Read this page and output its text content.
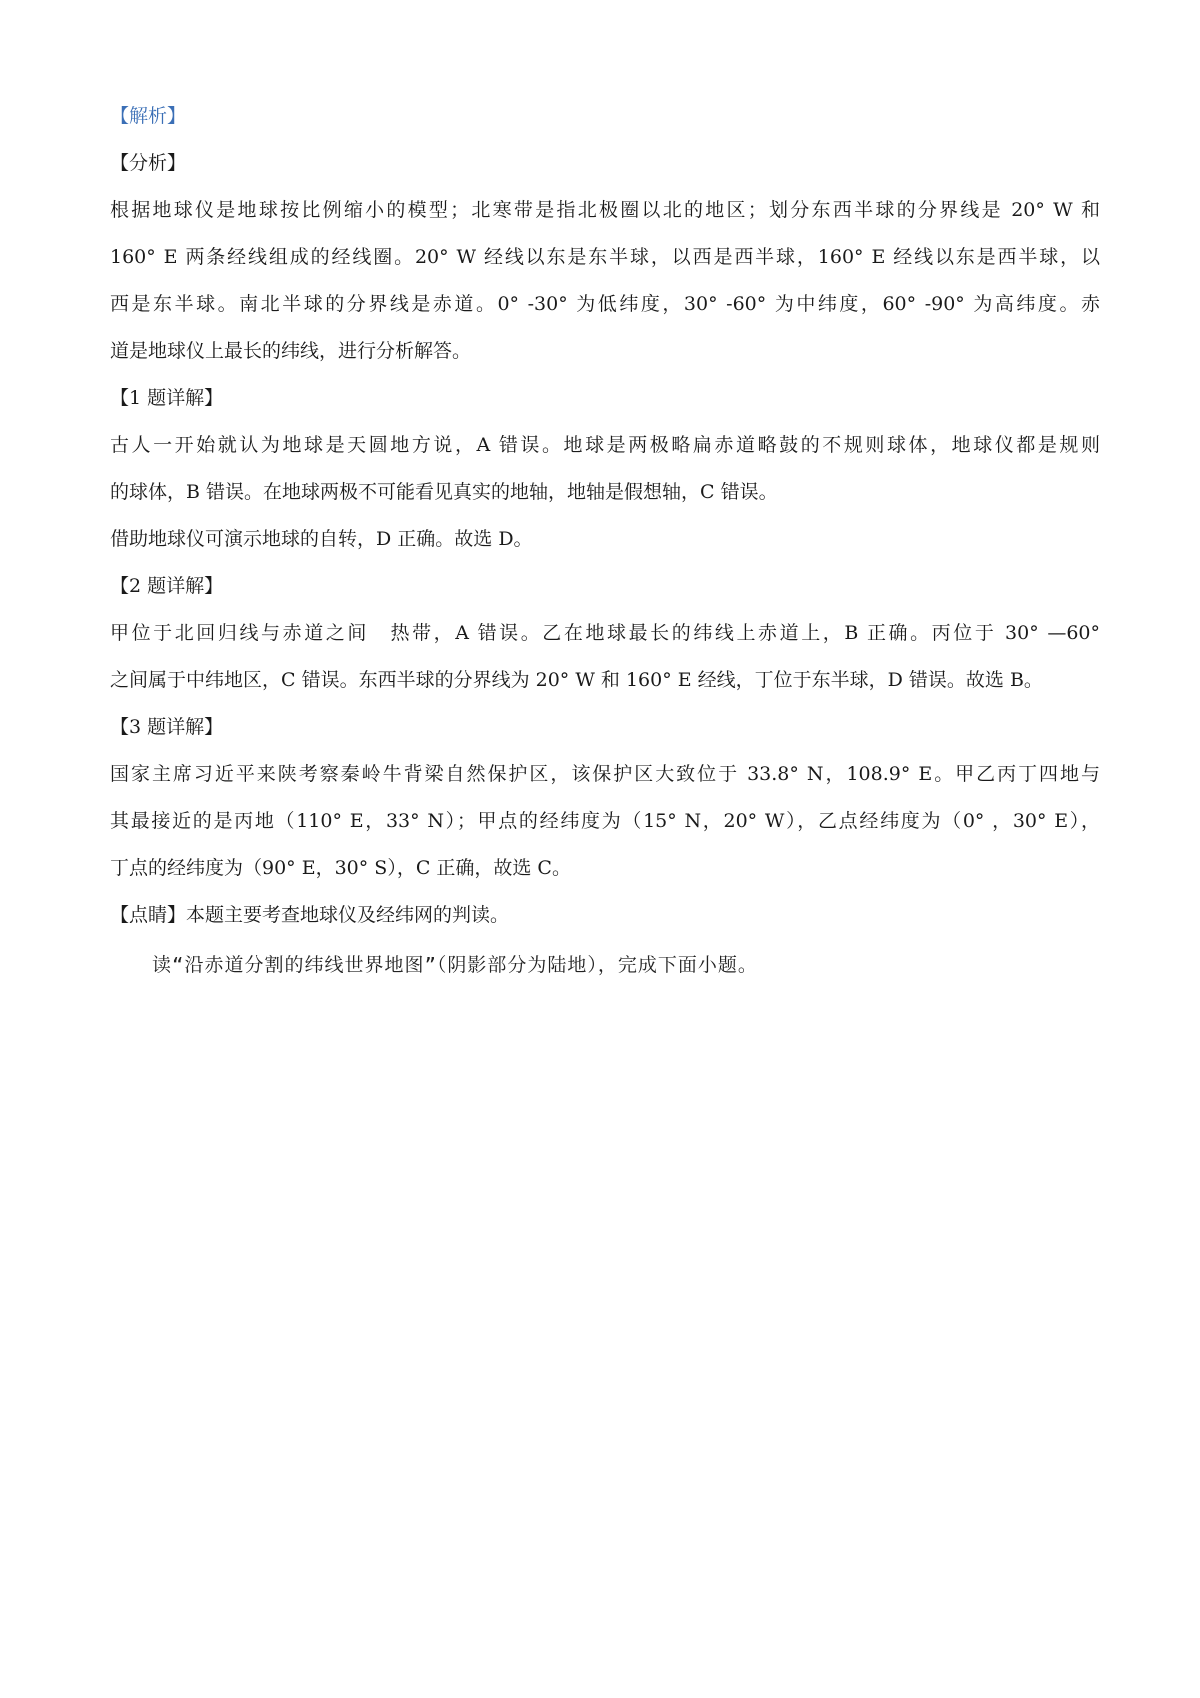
【解析】
【分析】
根据地球仪是地球按比例缩小的模型；北寒带是指北极圈以北的地区；划分东西半球的分界线是 20° W 和
160° E 两条经线组成的经线圈。20° W 经线以东是东半球，以西是西半球，160° E 经线以东是西半球，以
西是东半球。南北半球的分界线是赤道。0° -30° 为低纬度，30° -60° 为中纬度，60° -90° 为高纬度。赤
道是地球仪上最长的纬线，进行分析解答。
【1 题详解】
古人一开始就认为地球是天圆地方说，A 错误。地球是两极略扁赤道略鼓的不规则球体，地球仪都是规则
的球体，B 错误。在地球两极不可能看见真实的地轴，地轴是假想轴，C 错误。
借助地球仪可演示地球的自转，D 正确。故选 D。
【2 题详解】
甲位于北回归线与赤道之间　热带，A 错误。乙在地球最长的纬线上赤道上，B 正确。丙位于 30° —60°
之间属于中纬地区，C 错误。东西半球的分界线为 20° W 和 160° E 经线，丁位于东半球，D 错误。故选 B。
【3 题详解】
国家主席习近平来陕考察秦岭牛背梁自然保护区，该保护区大致位于 33.8° N，108.9° E。甲乙丙丁四地与
其最接近的是丙地（110° E，33° N）；甲点的经纬度为（15° N，20° W），乙点经纬度为（0° ，30° E），
丁点的经纬度为（90° E，30° S），C 正确，故选 C。
【点睛】本题主要考查地球仪及经纬网的判读。
读“沿赤道分割的纬线世界地图”（阴影部分为陆地），完成下面小题。
